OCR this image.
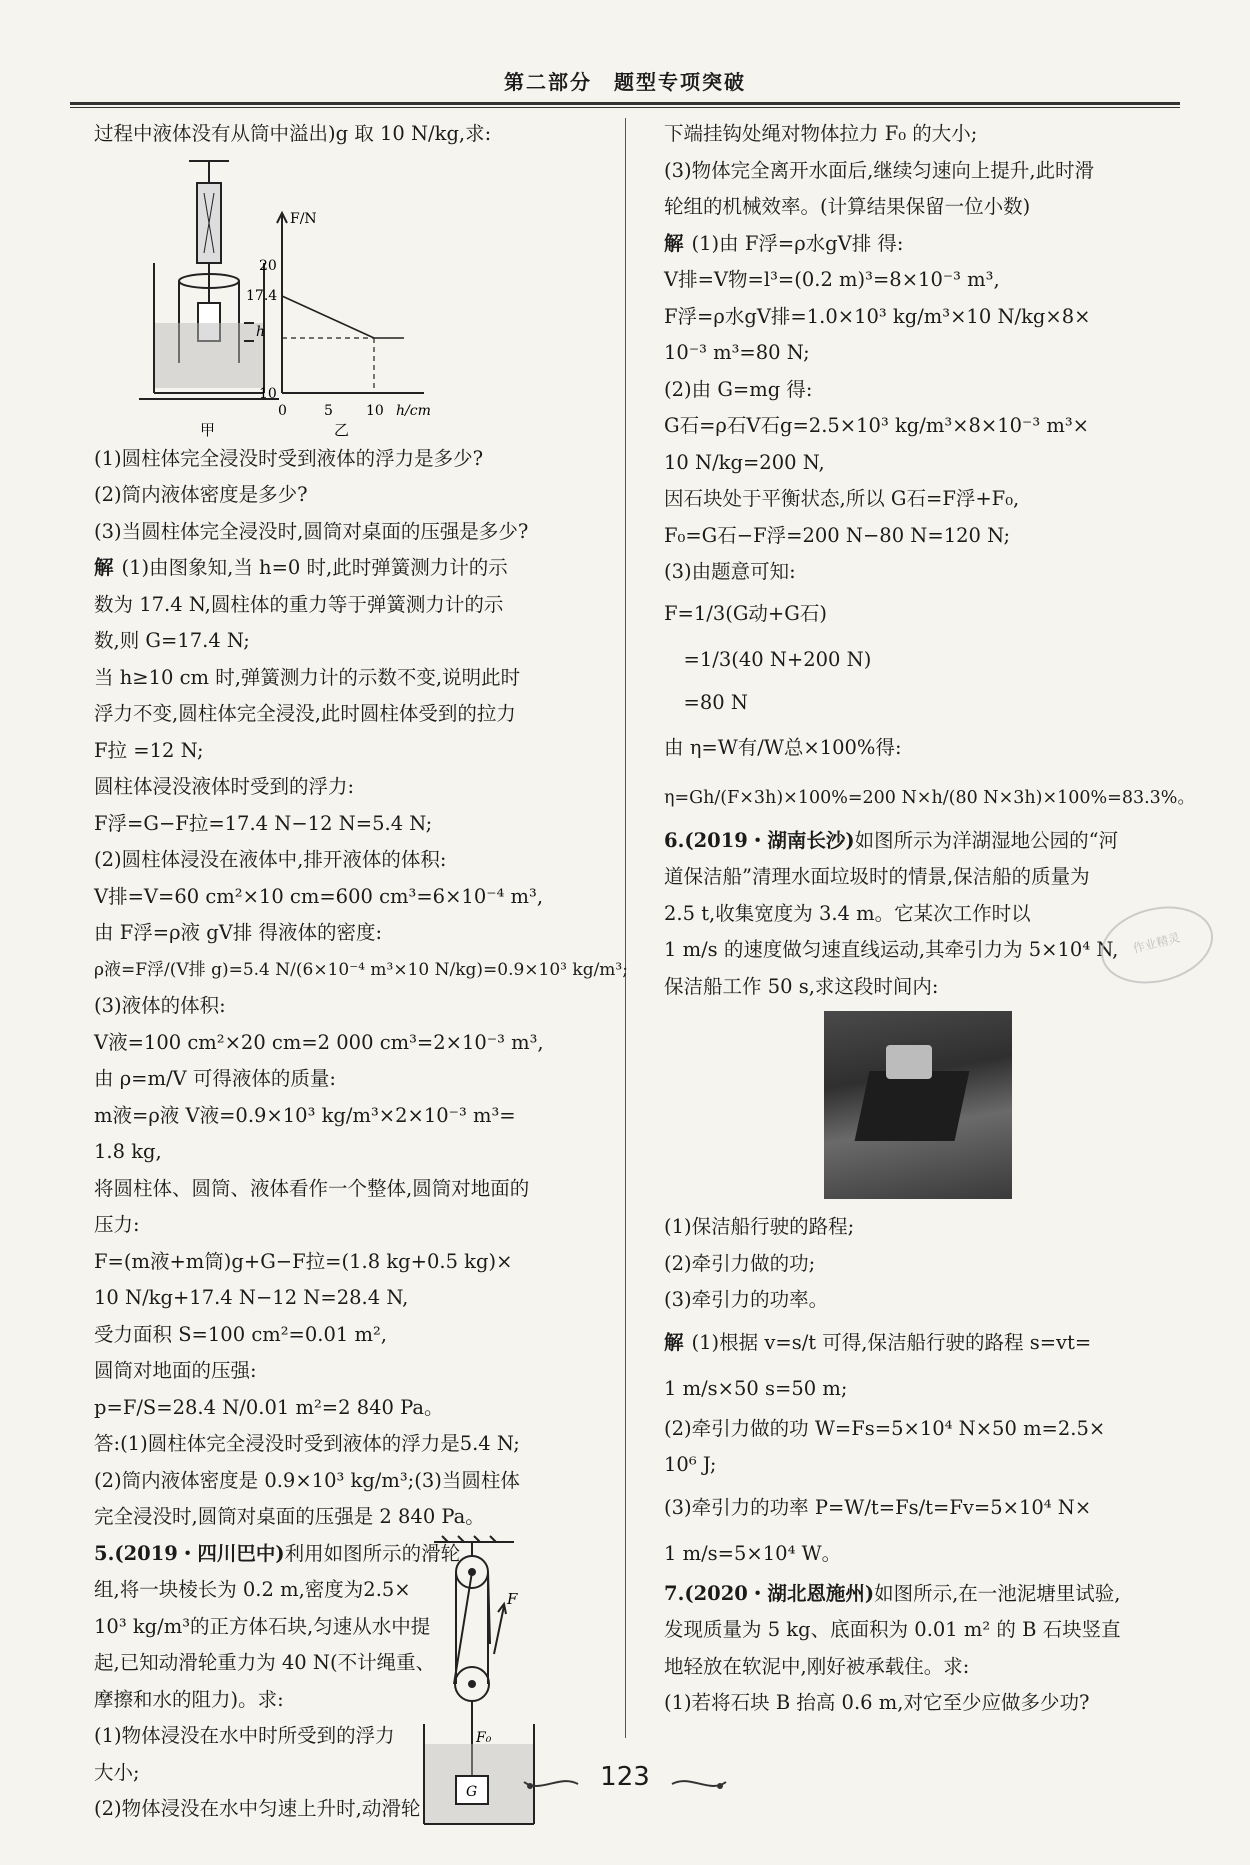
第二部分　题型专项突破
过程中液体没有从筒中溢出)g 取 10 N/kg,求:
h
F/N
20
17.4
10
0	5 10 h/cm
甲	乙
(1)圆柱体完全浸没时受到液体的浮力是多少?
(2)筒内液体密度是多少?
(3)当圆柱体完全浸没时,圆筒对桌面的压强是多少?
解 (1)由图象知,当 h=0 时,此时弹簧测力计的示
数为 17.4 N,圆柱体的重力等于弹簧测力计的示
数,则 G=17.4 N;
当 h≥10 cm 时,弹簧测力计的示数不变,说明此时
浮力不变,圆柱体完全浸没,此时圆柱体受到的拉力
F拉 =12 N;
圆柱体浸没液体时受到的浮力:
F浮=G−F拉=17.4 N−12 N=5.4 N;
(2)圆柱体浸没在液体中,排开液体的体积:
V排=V=60 cm²×10 cm=600 cm³=6×10⁻⁴ m³,
由 F浮=ρ液 gV排 得液体的密度:
ρ液=F浮/(V排 g)=5.4 N/(6×10⁻⁴ m³×10 N/kg)=0.9×10³ kg/m³;
(3)液体的体积:
V液=100 cm²×20 cm=2 000 cm³=2×10⁻³ m³,
由 ρ=m/V 可得液体的质量:
m液=ρ液 V液=0.9×10³ kg/m³×2×10⁻³ m³=
1.8 kg,
将圆柱体、圆筒、液体看作一个整体,圆筒对地面的
压力:
F=(m液+m筒)g+G−F拉=(1.8 kg+0.5 kg)×
10 N/kg+17.4 N−12 N=28.4 N,
受力面积 S=100 cm²=0.01 m²,
圆筒对地面的压强:
p=F/S=28.4 N/0.01 m²=2 840 Pa。
答:(1)圆柱体完全浸没时受到液体的浮力是5.4 N;
(2)筒内液体密度是 0.9×10³ kg/m³;(3)当圆柱体
完全浸没时,圆筒对桌面的压强是 2 840 Pa。
5.(2019・四川巴中)利用如图所示的滑轮
组,将一块棱长为 0.2 m,密度为2.5×
10³ kg/m³的正方体石块,匀速从水中提
起,已知动滑轮重力为 40 N(不计绳重、
摩擦和水的阻力)。求:
(1)物体浸没在水中时所受到的浮力
大小;
(2)物体浸没在水中匀速上升时,动滑轮
F
F₀
G
下端挂钩处绳对物体拉力 F₀ 的大小;
(3)物体完全离开水面后,继续匀速向上提升,此时滑
轮组的机械效率。(计算结果保留一位小数)
解 (1)由 F浮=ρ水gV排 得:
V排=V物=l³=(0.2 m)³=8×10⁻³ m³,
F浮=ρ水gV排=1.0×10³ kg/m³×10 N/kg×8×
10⁻³ m³=80 N;
(2)由 G=mg 得:
G石=ρ石V石g=2.5×10³ kg/m³×8×10⁻³ m³×
10 N/kg=200 N,
因石块处于平衡状态,所以 G石=F浮+F₀,
F₀=G石−F浮=200 N−80 N=120 N;
(3)由题意可知:
F=1/3(G动+G石)
　=1/3(40 N+200 N)
　=80 N
由 η=W有/W总×100%得:
η=Gh/(F×3h)×100%=200 N×h/(80 N×3h)×100%=83.3%。
6.(2019・湖南长沙)如图所示为洋湖湿地公园的“河
道保洁船”清理水面垃圾时的情景,保洁船的质量为
2.5 t,收集宽度为 3.4 m。它某次工作时以
1 m/s 的速度做匀速直线运动,其牵引力为 5×10⁴ N,
保洁船工作 50 s,求这段时间内:
(1)保洁船行驶的路程;
(2)牵引力做的功;
(3)牵引力的功率。
解 (1)根据 v=s/t 可得,保洁船行驶的路程 s=vt=
1 m/s×50 s=50 m;
(2)牵引力做的功 W=Fs=5×10⁴ N×50 m=2.5×
10⁶ J;
(3)牵引力的功率 P=W/t=Fs/t=Fv=5×10⁴ N×
1 m/s=5×10⁴ W。
7.(2020・湖北恩施州)如图所示,在一池泥塘里试验,
发现质量为 5 kg、底面积为 0.01 m² 的 B 石块竖直
地轻放在软泥中,刚好被承载住。求:
(1)若将石块 B 抬高 0.6 m,对它至少应做多少功?
作业精灵
123
